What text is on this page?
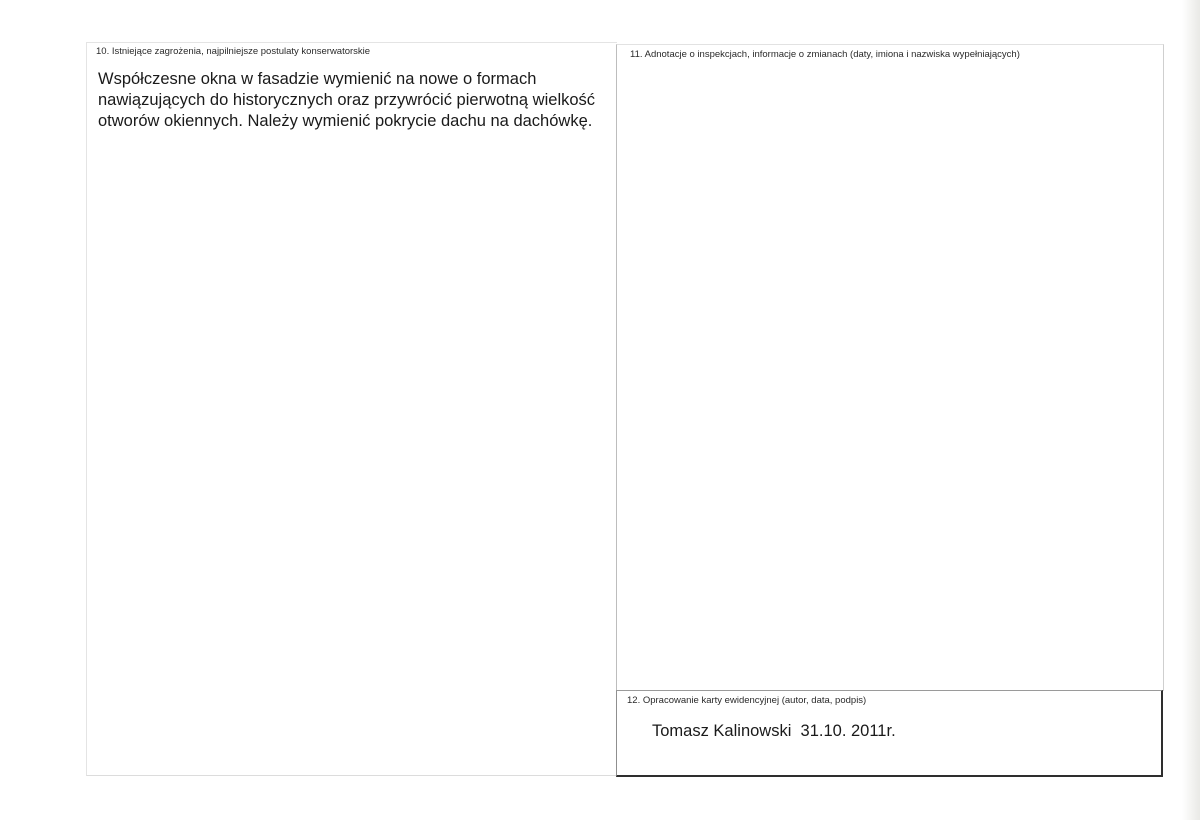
10. Istniejące zagrożenia, najpilniejsze postulaty konserwatorskie

Współczesne okna w fasadzie wymienić na nowe o formach
nawiązujących do historycznych oraz przywrócić pierwotną wielkość
otworów okiennych. Należy wymienić pokrycie dachu na dachówkę.

11. Adnotacje o inspekcjach, informacje o zmianach (daty, imiona i nazwiska wypełniających)
12. Opracowanie karty ewidencyjnej (autor, data, podpis)
Tomasz Kalinowski  31.10. 2011r.
